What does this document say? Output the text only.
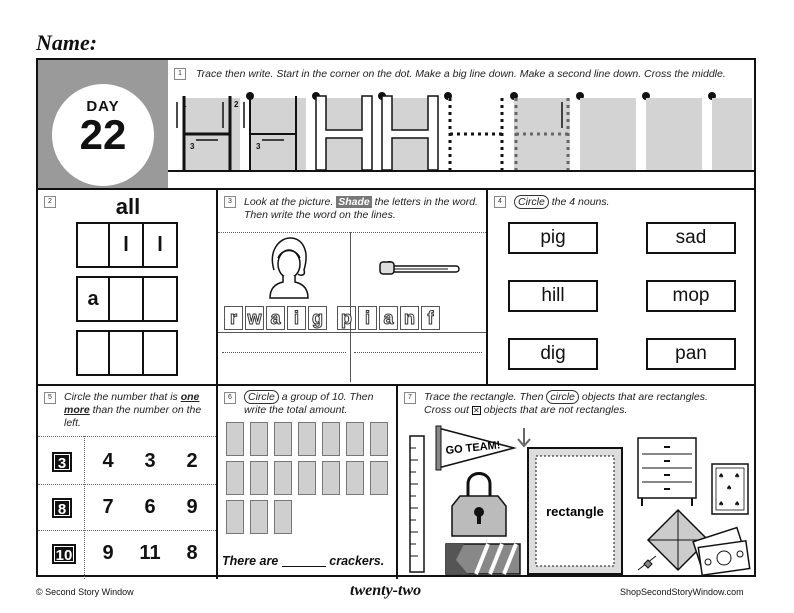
Name:
DAY
22
1	Trace then write. Start in the corner on the dot. Make a big line down. Make a second line down. Cross the middle.
1	2
3	3
2	all
l	l
a
3	Look at the picture. Shade the letters in the word. Then write the word on the lines.
r w a i g p i a n f
4	Circle the 4 nouns.
pig	sad
hill	mop
dig	pan
5	Circle the number that is one more than the number on the left.
3	4	3	2
8	7	6	9
10	9	11	8
6	Circle a group of 10. Then write the total amount.
There are	crackers.
7	Trace the rectangle. Then circle objects that are rectangles.
Cross out ✕ objects that are not rectangles.
GO TEAM!
rectangle
♠ ♠
♠
♠ ♠
© Second Story Window	twenty-two	ShopSecondStoryWindow.com
